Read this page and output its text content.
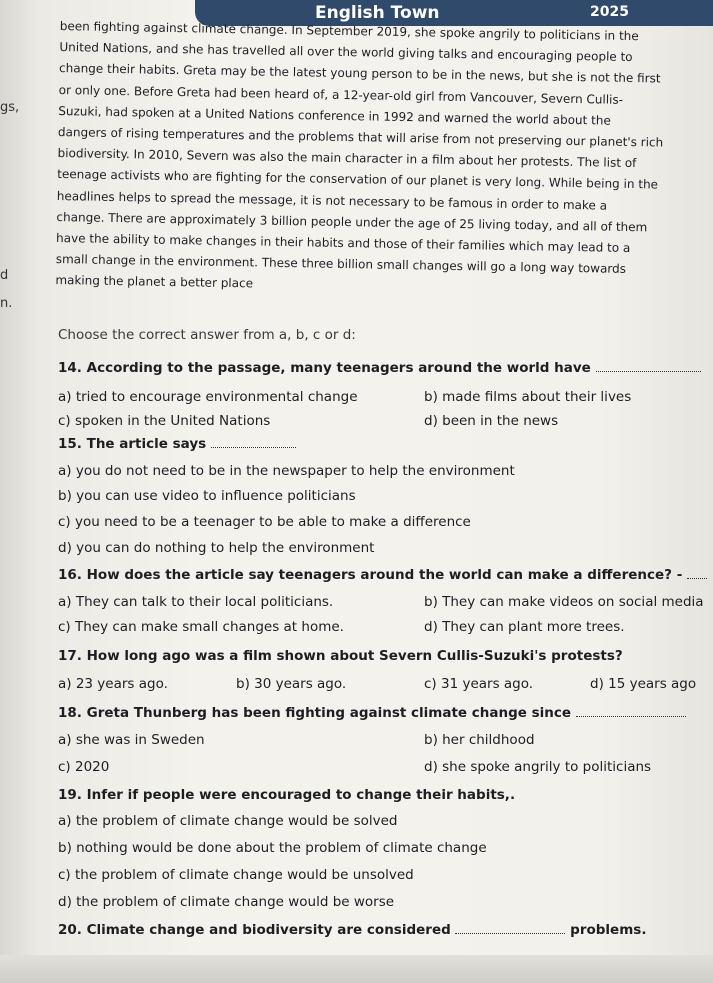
English Town	2025
gs,
d
n.
been fighting against climate change. In September 2019, she spoke angrily to politicians in the
United Nations, and she has travelled all over the world giving talks and encouraging people to
change their habits. Greta may be the latest young person to be in the news, but she is not the first
or only one. Before Greta had been heard of, a 12-year-old girl from Vancouver, Severn Cullis-
Suzuki, had spoken at a United Nations conference in 1992 and warned the world about the
dangers of rising temperatures and the problems that will arise from not preserving our planet's rich
biodiversity. In 2010, Severn was also the main character in a film about her protests. The list of
teenage activists who are fighting for the conservation of our planet is very long. While being in the
headlines helps to spread the message, it is not necessary to be famous in order to make a
change. There are approximately 3 billion people under the age of 25 living today, and all of them
have the ability to make changes in their habits and those of their families which may lead to a
small change in the environment. These three billion small changes will go a long way towards
making the planet a better place
Choose the correct answer from a, b, c or d:
14. According to the passage, many teenagers around the world have
a) tried to encourage environmental change	b) made films about their lives
c) spoken in the United Nations	d) been in the news
15. The article says
a) you do not need to be in the newspaper to help the environment
b) you can use video to influence politicians
c) you need to be a teenager to be able to make a difference
d) you can do nothing to help the environment
16. How does the article say teenagers around the world can make a difference? -
a) They can talk to their local politicians.	b) They can make videos on social media
c) They can make small changes at home.	d) They can plant more trees.
17. How long ago was a film shown about Severn Cullis-Suzuki's protests?
a) 23 years ago.	b) 30 years ago.	c) 31 years ago.	d) 15 years ago
18. Greta Thunberg has been fighting against climate change since
a) she was in Sweden	b) her childhood
c) 2020	d) she spoke angrily to politicians
19. Infer if people were encouraged to change their habits,.
a) the problem of climate change would be solved
b) nothing would be done about the problem of climate change
c) the problem of climate change would be unsolved
d) the problem of climate change would be worse
20. Climate change and biodiversity are considered	problems.
